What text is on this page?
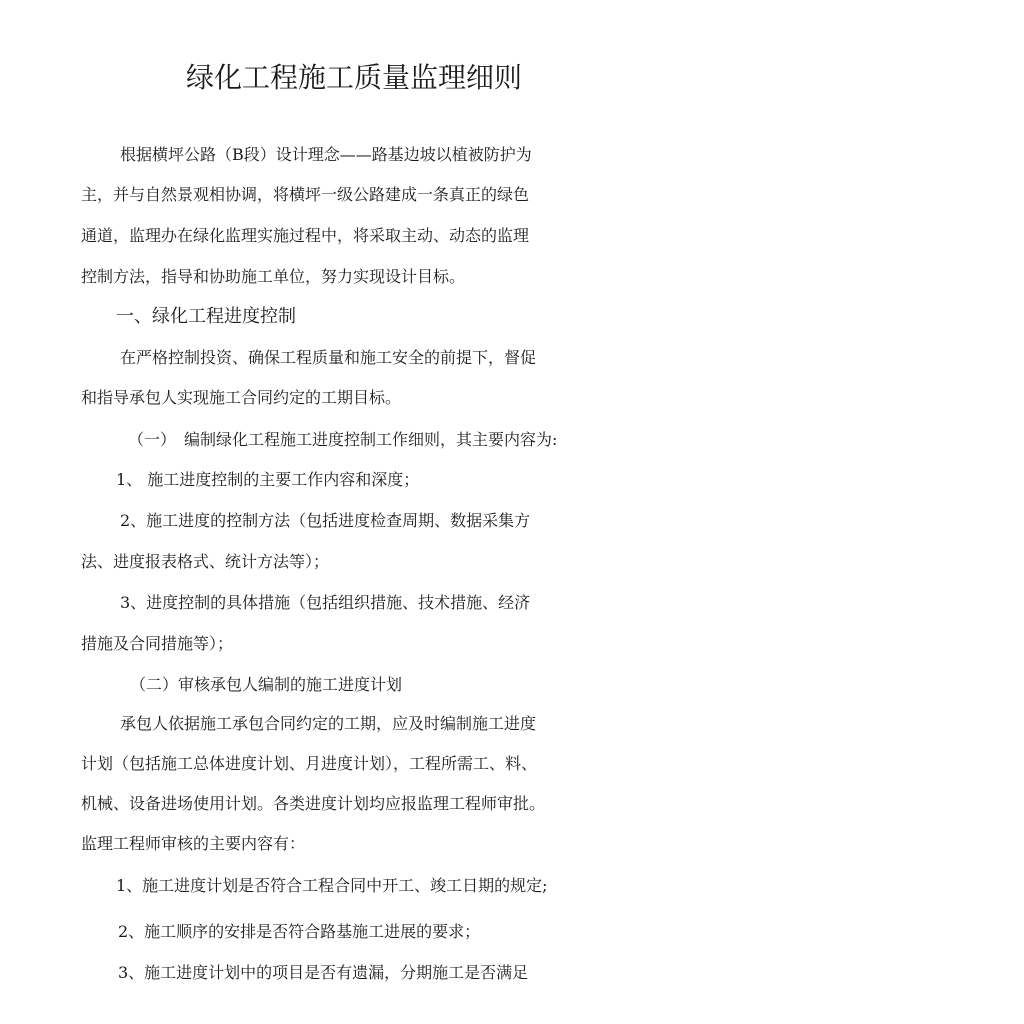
绿化工程施工质量监理细则
根据横坪公路（B段）设计理念——路基边坡以植被防护为
主，并与自然景观相协调，将横坪一级公路建成一条真正的绿色
通道，监理办在绿化监理实施过程中，将采取主动、动态的监理
控制方法，指导和协助施工单位，努力实现设计目标。
一、绿化工程进度控制
在严格控制投资、确保工程质量和施工安全的前提下，督促
和指导承包人实现施工合同约定的工期目标。
（一）　编制绿化工程施工进度控制工作细则，其主要内容为:
1、 施工进度控制的主要工作内容和深度；
2、施工进度的控制方法（包括进度检查周期、数据采集方
法、进度报表格式、统计方法等）；
3、进度控制的具体措施（包括组织措施、技术措施、经济
措施及合同措施等）；
（二）审核承包人编制的施工进度计划
承包人依据施工承包合同约定的工期，应及时编制施工进度
计划（包括施工总体进度计划、月进度计划），工程所需工、料、
机械、设备进场使用计划。各类进度计划均应报监理工程师审批。
监理工程师审核的主要内容有：
1、施工进度计划是否符合工程合同中开工、竣工日期的规定;
2、施工顺序的安排是否符合路基施工进展的要求；
3、施工进度计划中的项目是否有遗漏，分期施工是否满足
